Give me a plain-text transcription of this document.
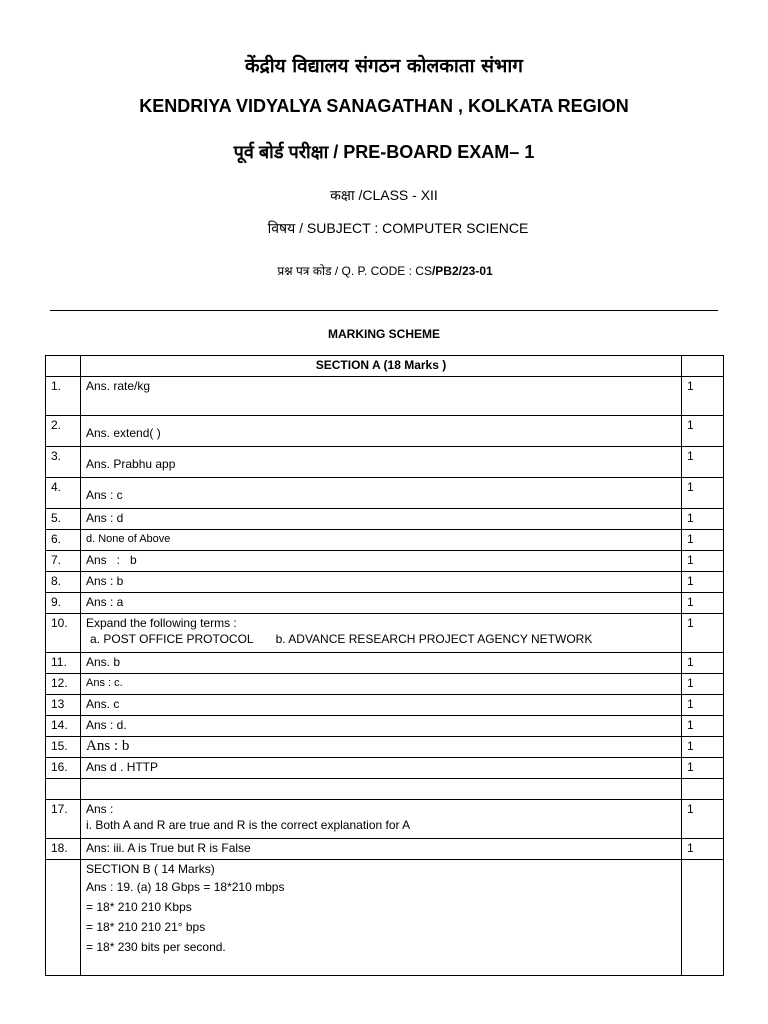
केंद्रीय विद्यालय संगठन कोलकाता संभाग
KENDRIYA VIDYALYA SANAGATHAN , KOLKATA REGION
पूर्व बोर्ड परीक्षा / PRE-BOARD EXAM– 1
कक्षा /CLASS - XII
विषय / SUBJECT : COMPUTER SCIENCE
प्रश्न पत्र कोड / Q. P. CODE : CS/PB2/23-01
MARKING SCHEME
	SECTION A (18 Marks )	
1.	Ans. rate/kg	1
2.	Ans. extend( )	1
3.	Ans. Prabhu app	1
4.	Ans : c	1
5.	Ans : d	1
6.	d. None of Above	1
7.	Ans   :   b	1
8.	Ans : b	1
9.	Ans : a	1
10.	Expand the following terms :
a. POST OFFICE PROTOCOL b. ADVANCE RESEARCH PROJECT AGENCY NETWORK	1
11.	Ans. b	1
12.	Ans : c.	1
13	Ans. c	1
14.	Ans : d.	1
15.	Ans : b	1
16.	Ans d . HTTP	1

17.	Ans :
i. Both A and R are true and R is the correct explanation for A	1
18.	Ans: iii. A is True but R is False	1

	SECTION B ( 14 Marks)
Ans : 19. (a) 18 Gbps = 18*210 mbps
= 18* 210 210 Kbps
= 18* 210 210 21° bps
= 18* 230 bits per second.	
